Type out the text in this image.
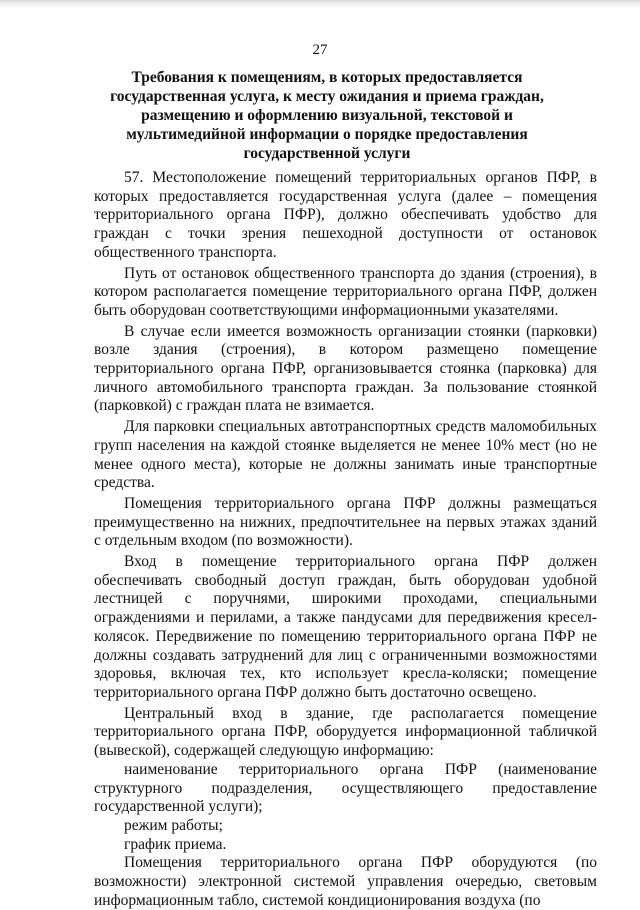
27
Требования к помещениям, в которых предоставляется государственная услуга, к месту ожидания и приема граждан, размещению и оформлению визуальной, текстовой и мультимедийной информации о порядке предоставления государственной услуги

57. Местоположение помещений территориальных органов ПФР, в которых предоставляется государственная услуга (далее – помещения территориального органа ПФР), должно обеспечивать удобство для граждан с точки зрения пешеходной доступности от остановок общественного транспорта.

Путь от остановок общественного транспорта до здания (строения), в котором располагается помещение территориального органа ПФР, должен быть оборудован соответствующими информационными указателями.

В случае если имеется возможность организации стоянки (парковки) возле здания (строения), в котором размещено помещение территориального органа ПФР, организовывается стоянка (парковка) для личного автомобильного транспорта граждан. За пользование стоянкой (парковкой) с граждан плата не взимается.

Для парковки специальных автотранспортных средств маломобильных групп населения на каждой стоянке выделяется не менее 10% мест (но не менее одного места), которые не должны занимать иные транспортные средства.

Помещения территориального органа ПФР должны размещаться преимущественно на нижних, предпочтительнее на первых этажах зданий с отдельным входом (по возможности).

Вход в помещение территориального органа ПФР должен обеспечивать свободный доступ граждан, быть оборудован удобной лестницей с поручнями, широкими проходами, специальными ограждениями и перилами, а также пандусами для передвижения кресел-колясок. Передвижение по помещению территориального органа ПФР не должны создавать затруднений для лиц с ограниченными возможностями здоровья, включая тех, кто использует кресла-коляски; помещение территориального органа ПФР должно быть достаточно освещено.

Центральный вход в здание, где располагается помещение территориального органа ПФР, оборудуется информационной табличкой (вывеской), содержащей следующую информацию:

наименование территориального органа ПФР (наименование структурного подразделения, осуществляющего предоставление государственной услуги);

режим работы;

график приема.

Помещения территориального органа ПФР оборудуются (по возможности) электронной системой управления очередью, световым информационным табло, системой кондиционирования воздуха (по
